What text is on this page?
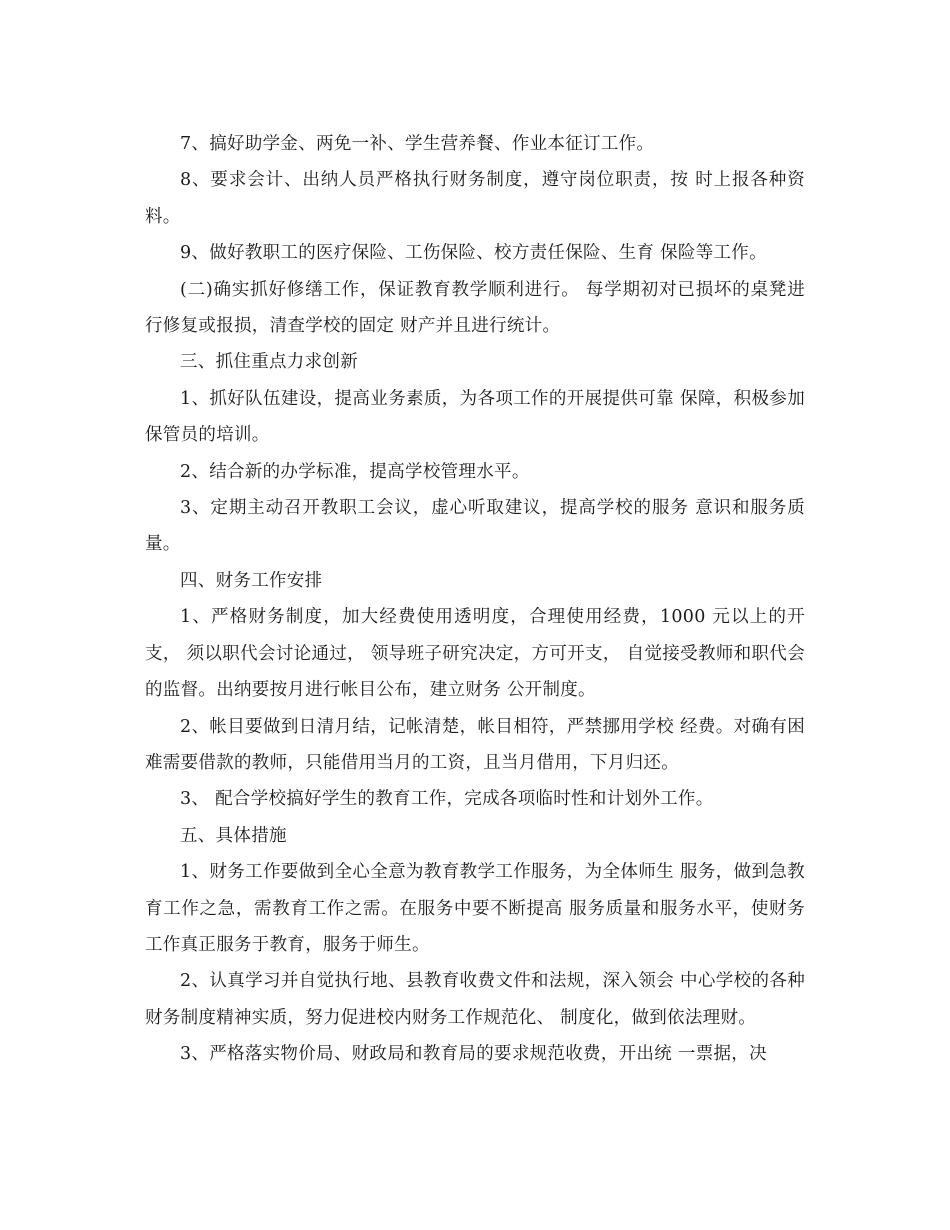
7、搞好助学金、两免一补、学生营养餐、作业本征订工作。

8、要求会计、出纳人员严格执行财务制度，遵守岗位职责，按 时上报各种资料。

9、做好教职工的医疗保险、工伤保险、校方责任保险、生育 保险等工作。

(二)确实抓好修缮工作，保证教育教学顺利进行。 每学期初对已损坏的桌凳进行修复或报损，清查学校的固定 财产并且进行统计。

三、抓住重点力求创新

1、抓好队伍建设，提高业务素质，为各项工作的开展提供可靠 保障，积极参加保管员的培训。

2、结合新的办学标准，提高学校管理水平。

3、定期主动召开教职工会议，虚心听取建议，提高学校的服务 意识和服务质量。

四、财务工作安排

1、严格财务制度，加大经费使用透明度，合理使用经费，1000 元以上的开支， 须以职代会讨论通过， 领导班子研究决定，方可开支， 自觉接受教师和职代会的监督。出纳要按月进行帐目公布，建立财务 公开制度。

2、帐目要做到日清月结，记帐清楚，帐目相符，严禁挪用学校 经费。对确有困难需要借款的教师，只能借用当月的工资，且当月借用，下月归还。

3、 配合学校搞好学生的教育工作，完成各项临时性和计划外工作。

五、具体措施

1、财务工作要做到全心全意为教育教学工作服务，为全体师生 服务，做到急教育工作之急，需教育工作之需。在服务中要不断提高 服务质量和服务水平，使财务工作真正服务于教育，服务于师生。

2、认真学习并自觉执行地、县教育收费文件和法规，深入领会 中心学校的各种财务制度精神实质，努力促进校内财务工作规范化、 制度化，做到依法理财。

3、严格落实物价局、财政局和教育局的要求规范收费，开出统 一票据，决
